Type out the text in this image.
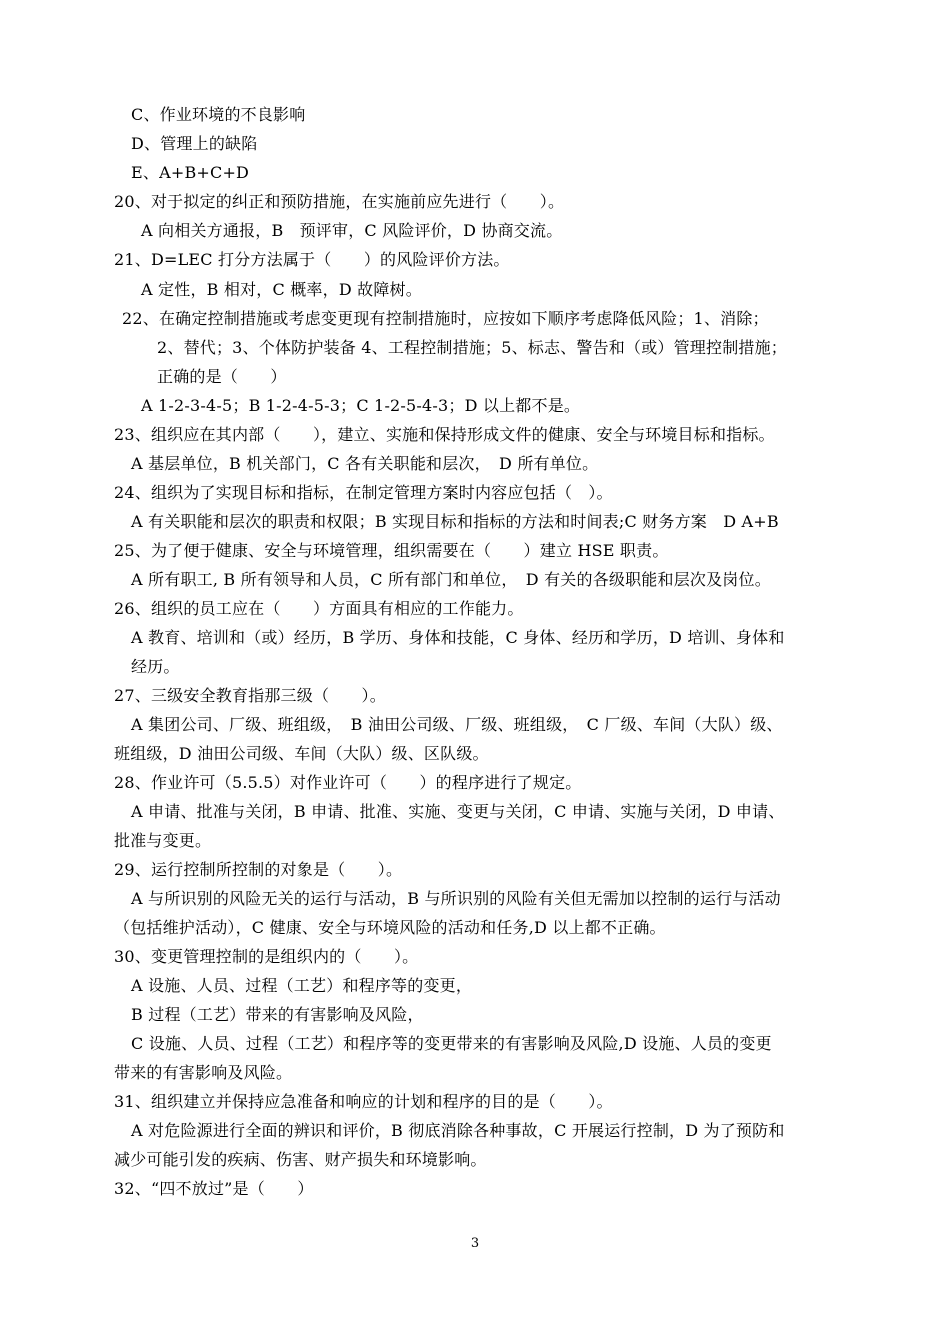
C、作业环境的不良影响
D、管理上的缺陷
E、A+B+C+D
20、对于拟定的纠正和预防措施，在实施前应先进行（　　）。
A 向相关方通报，B　预评审，C 风险评价，D 协商交流。
21、D=LEC 打分方法属于（　　）的风险评价方法。
A 定性，B 相对，C 概率，D 故障树。
22、在确定控制措施或考虑变更现有控制措施时，应按如下顺序考虑降低风险；1、消除；
2、替代；3、个体防护装备 4、工程控制措施；5、标志、警告和（或）管理控制措施；
正确的是（　　）
A 1-2-3-4-5；B 1-2-4-5-3；C 1-2-5-4-3；D 以上都不是。
23、组织应在其内部（　　），建立、实施和保持形成文件的健康、安全与环境目标和指标。
A 基层单位，B 机关部门，C 各有关职能和层次，　D 所有单位。
24、组织为了实现目标和指标，在制定管理方案时内容应包括（　）。
A 有关职能和层次的职责和权限；B 实现目标和指标的方法和时间表;C 财务方案　D A+B
25、为了便于健康、安全与环境管理，组织需要在（　　）建立 HSE 职责。
A 所有职工, B 所有领导和人员，C 所有部门和单位，　D 有关的各级职能和层次及岗位。
26、组织的员工应在（　　）方面具有相应的工作能力。
A 教育、培训和（或）经历，B 学历、身体和技能，C 身体、经历和学历，D 培训、身体和
经历。
27、三级安全教育指那三级（　　）。
A 集团公司、厂级、班组级，　B 油田公司级、厂级、班组级，　C 厂级、车间（大队）级、
班组级，D 油田公司级、车间（大队）级、区队级。
28、作业许可（5.5.5）对作业许可（　　）的程序进行了规定。
A 申请、批准与关闭，B 申请、批准、实施、变更与关闭，C 申请、实施与关闭，D 申请、
批准与变更。
29、运行控制所控制的对象是（　　）。
A 与所识别的风险无关的运行与活动，B 与所识别的风险有关但无需加以控制的运行与活动
（包括维护活动），C 健康、安全与环境风险的活动和任务,D 以上都不正确。
30、变更管理控制的是组织内的（　　）。
A 设施、人员、过程（工艺）和程序等的变更，
B 过程（工艺）带来的有害影响及风险，
C 设施、人员、过程（工艺）和程序等的变更带来的有害影响及风险,D 设施、人员的变更
带来的有害影响及风险。
31、组织建立并保持应急准备和响应的计划和程序的目的是（　　）。
A 对危险源进行全面的辨识和评价，B 彻底消除各种事故，C 开展运行控制，D 为了预防和
减少可能引发的疾病、伤害、财产损失和环境影响。
32、“四不放过”是（　　）
3
